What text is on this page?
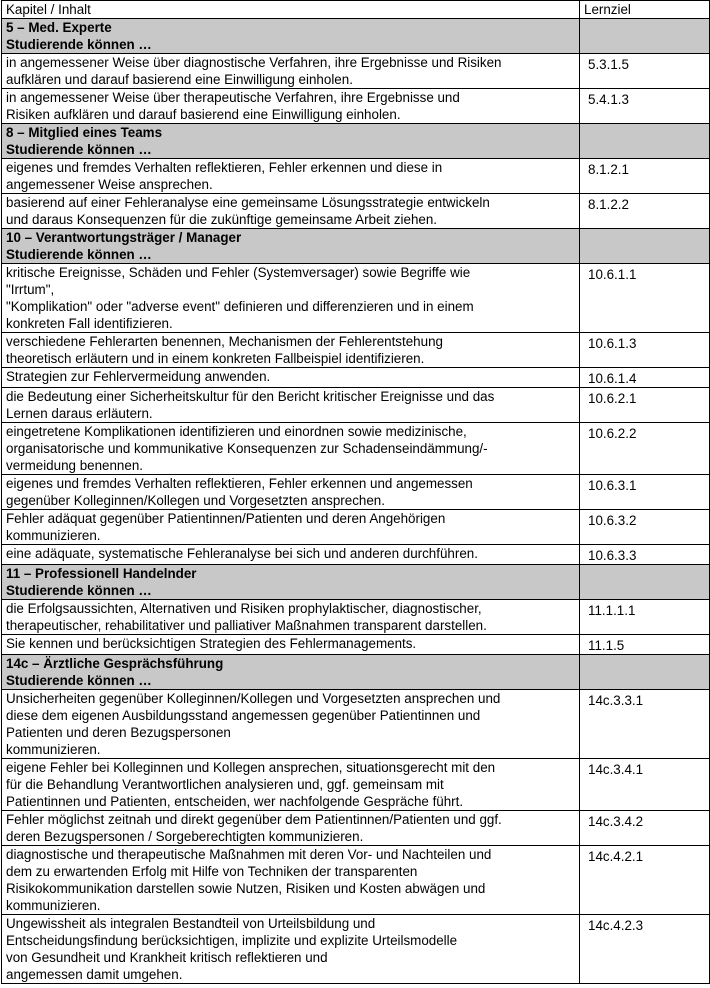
Kapitel / Inhalt	Lernziel

5 – Med. Experte
Studierende können …	

in angemessener Weise über diagnostische Verfahren, ihre Ergebnisse und Risiken
aufklären und darauf basierend eine Einwilligung einholen.	5.3.1.5

in angemessener Weise über therapeutische Verfahren, ihre Ergebnisse und
Risiken aufklären und darauf basierend eine Einwilligung einholen.	5.4.1.3

8 – Mitglied eines Teams
Studierende können …	

eigenes und fremdes Verhalten reflektieren, Fehler erkennen und diese in
angemessener Weise ansprechen.	8.1.2.1

basierend auf einer Fehleranalyse eine gemeinsame Lösungsstrategie entwickeln
und daraus Konsequenzen für die zukünftige gemeinsame Arbeit ziehen.	8.1.2.2

10 – Verantwortungsträger / Manager
Studierende können …	

kritische Ereignisse, Schäden und Fehler (Systemversager) sowie Begriffe wie
"Irrtum",
"Komplikation" oder "adverse event" definieren und differenzieren und in einem
konkreten Fall identifizieren.	10.6.1.1

verschiedene Fehlerarten benennen, Mechanismen der Fehlerentstehung
theoretisch erläutern und in einem konkreten Fallbeispiel identifizieren.	10.6.1.3

Strategien zur Fehlervermeidung anwenden.	10.6.1.4

die Bedeutung einer Sicherheitskultur für den Bericht kritischer Ereignisse und das
Lernen daraus erläutern.	10.6.2.1

eingetretene Komplikationen identifizieren und einordnen sowie medizinische,
organisatorische und kommunikative Konsequenzen zur Schadenseindämmung/-
vermeidung benennen.	10.6.2.2

eigenes und fremdes Verhalten reflektieren, Fehler erkennen und angemessen
gegenüber Kolleginnen/Kollegen und Vorgesetzten ansprechen.	10.6.3.1

Fehler adäquat gegenüber Patientinnen/Patienten und deren Angehörigen
kommunizieren.	10.6.3.2

eine adäquate, systematische Fehleranalyse bei sich und anderen durchführen.	10.6.3.3

11 – Professionell Handelnder
Studierende können …	

die Erfolgsaussichten, Alternativen und Risiken prophylaktischer, diagnostischer,
therapeutischer, rehabilitativer und palliativer Maßnahmen transparent darstellen.	11.1.1.1

Sie kennen und berücksichtigen Strategien des Fehlermanagements.	11.1.5

14c – Ärztliche Gesprächsführung
Studierende können …	

Unsicherheiten gegenüber Kolleginnen/Kollegen und Vorgesetzten ansprechen und
diese dem eigenen Ausbildungsstand angemessen gegenüber Patientinnen und
Patienten und deren Bezugspersonen
kommunizieren.	14c.3.3.1

eigene Fehler bei Kolleginnen und Kollegen ansprechen, situationsgerecht mit den
für die Behandlung Verantwortlichen analysieren und, ggf. gemeinsam mit
Patientinnen und Patienten, entscheiden, wer nachfolgende Gespräche führt.	14c.3.4.1

Fehler möglichst zeitnah und direkt gegenüber dem Patientinnen/Patienten und ggf.
deren Bezugspersonen / Sorgeberechtigten kommunizieren.	14c.3.4.2

diagnostische und therapeutische Maßnahmen mit deren Vor- und Nachteilen und
dem zu erwartenden Erfolg mit Hilfe von Techniken der transparenten
Risikokommunikation darstellen sowie Nutzen, Risiken und Kosten abwägen und
kommunizieren.	14c.4.2.1

Ungewissheit als integralen Bestandteil von Urteilsbildung und
Entscheidungsfindung berücksichtigen, implizite und explizite Urteilsmodelle
von Gesundheit und Krankheit kritisch reflektieren und
angemessen damit umgehen.	14c.4.2.3
